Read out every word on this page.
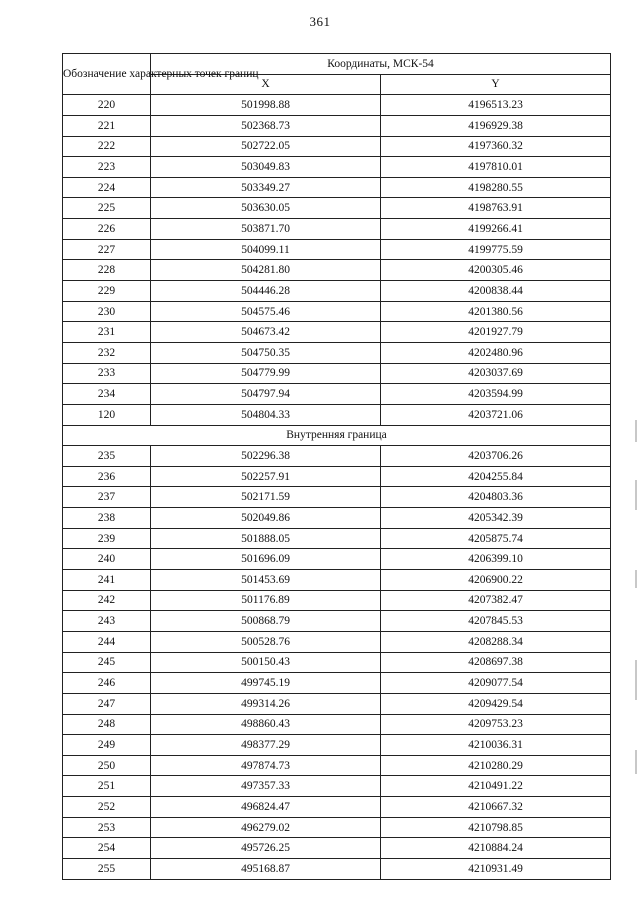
361
Обозначение характерных точек границ	Координаты, МСК-54	
	X	Y
220	501998.88	4196513.23
221	502368.73	4196929.38
222	502722.05	4197360.32
223	503049.83	4197810.01
224	503349.27	4198280.55
225	503630.05	4198763.91
226	503871.70	4199266.41
227	504099.11	4199775.59
228	504281.80	4200305.46
229	504446.28	4200838.44
230	504575.46	4201380.56
231	504673.42	4201927.79
232	504750.35	4202480.96
233	504779.99	4203037.69
234	504797.94	4203594.99
120	504804.33	4203721.06
Внутренняя граница		
235	502296.38	4203706.26
236	502257.91	4204255.84
237	502171.59	4204803.36
238	502049.86	4205342.39
239	501888.05	4205875.74
240	501696.09	4206399.10
241	501453.69	4206900.22
242	501176.89	4207382.47
243	500868.79	4207845.53
244	500528.76	4208288.34
245	500150.43	4208697.38
246	499745.19	4209077.54
247	499314.26	4209429.54
248	498860.43	4209753.23
249	498377.29	4210036.31
250	497874.73	4210280.29
251	497357.33	4210491.22
252	496824.47	4210667.32
253	496279.02	4210798.85
254	495726.25	4210884.24
255	495168.87	4210931.49
